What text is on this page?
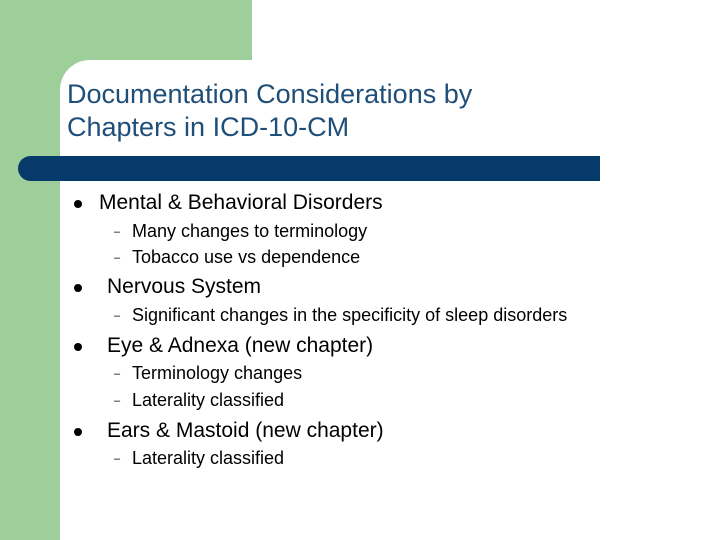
Documentation Considerations by
Chapters in ICD-10-CM
Mental & Behavioral Disorders
– Many changes to terminology
– Tobacco use vs dependence
Nervous System
– Significant changes in the specificity of sleep disorders
Eye & Adnexa (new chapter)
– Terminology changes
– Laterality classified
Ears & Mastoid (new chapter)
– Laterality classified
